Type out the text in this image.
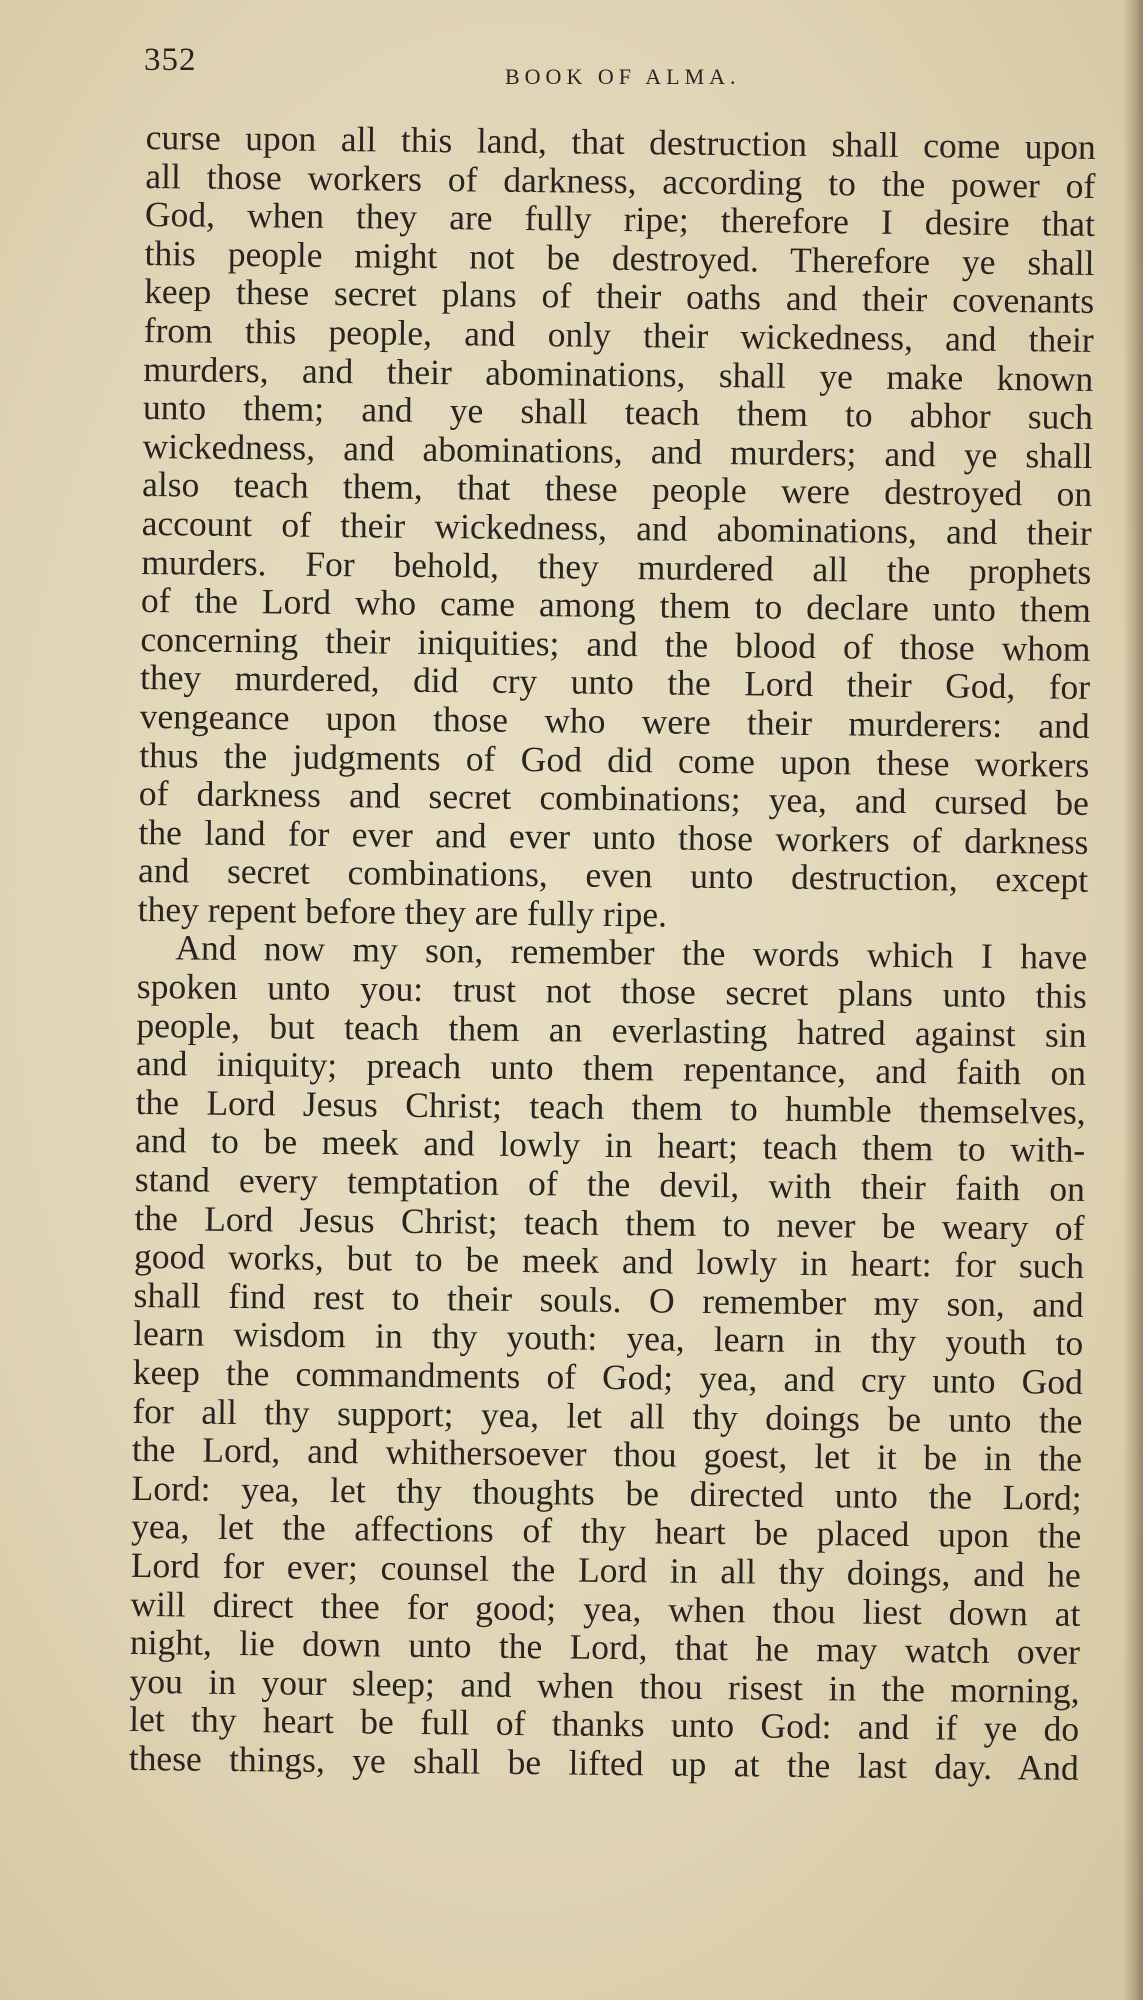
352	BOOK OF ALMA.
curse upon all this land, that destruction shall come upon
all those workers of darkness, according to the power of
God, when they are fully ripe; therefore I desire that
this people might not be destroyed. Therefore ye shall
keep these secret plans of their oaths and their covenants
from this people, and only their wickedness, and their
murders, and their abominations, shall ye make known
unto them; and ye shall teach them to abhor such
wickedness, and abominations, and murders; and ye shall
also teach them, that these people were destroyed on
account of their wickedness, and abominations, and their
murders. For behold, they murdered all the prophets
of the Lord who came among them to declare unto them
concerning their iniquities; and the blood of those whom
they murdered, did cry unto the Lord their God, for
vengeance upon those who were their murderers: and
thus the judgments of God did come upon these workers
of darkness and secret combinations; yea, and cursed be
the land for ever and ever unto those workers of darkness
and secret combinations, even unto destruction, except
they repent before they are fully ripe.
And now my son, remember the words which I have
spoken unto you: trust not those secret plans unto this
people, but teach them an everlasting hatred against sin
and iniquity; preach unto them repentance, and faith on
the Lord Jesus Christ; teach them to humble themselves,
and to be meek and lowly in heart; teach them to with-
stand every temptation of the devil, with their faith on
the Lord Jesus Christ; teach them to never be weary of
good works, but to be meek and lowly in heart: for such
shall find rest to their souls. O remember my son, and
learn wisdom in thy youth: yea, learn in thy youth to
keep the commandments of God; yea, and cry unto God
for all thy support; yea, let all thy doings be unto the
the Lord, and whithersoever thou goest, let it be in the
Lord: yea, let thy thoughts be directed unto the Lord;
yea, let the affections of thy heart be placed upon the
Lord for ever; counsel the Lord in all thy doings, and he
will direct thee for good; yea, when thou liest down at
night, lie down unto the Lord, that he may watch over
you in your sleep; and when thou risest in the morning,
let thy heart be full of thanks unto God: and if ye do
these things, ye shall be lifted up at the last day. And
